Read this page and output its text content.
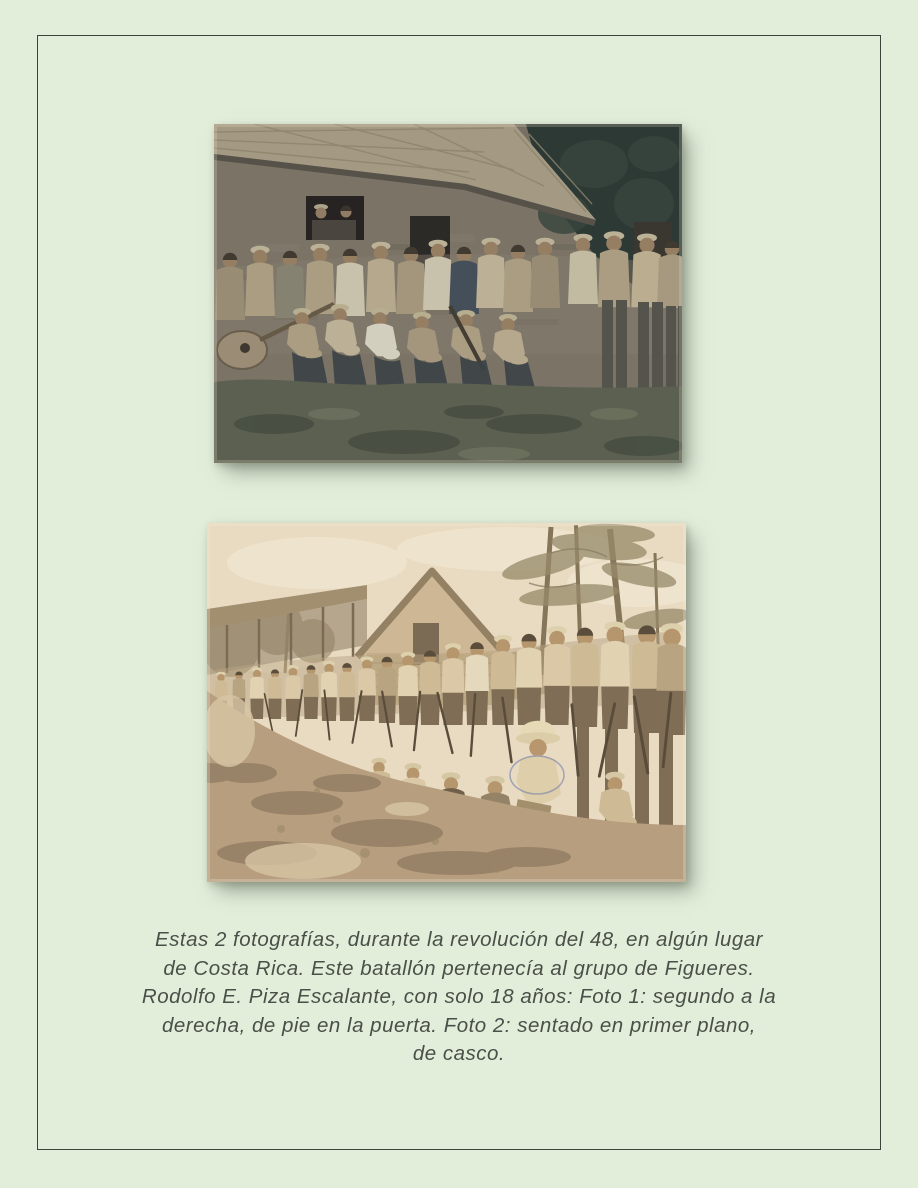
Estas 2 fotografías, durante la revolución del 48, en algún lugar
de Costa Rica. Este batallón pertenecía al grupo de Figueres.
Rodolfo E. Piza Escalante, con solo 18 años: Foto 1: segundo a la
derecha, de pie en la puerta. Foto 2: sentado en primer plano,
de casco.
